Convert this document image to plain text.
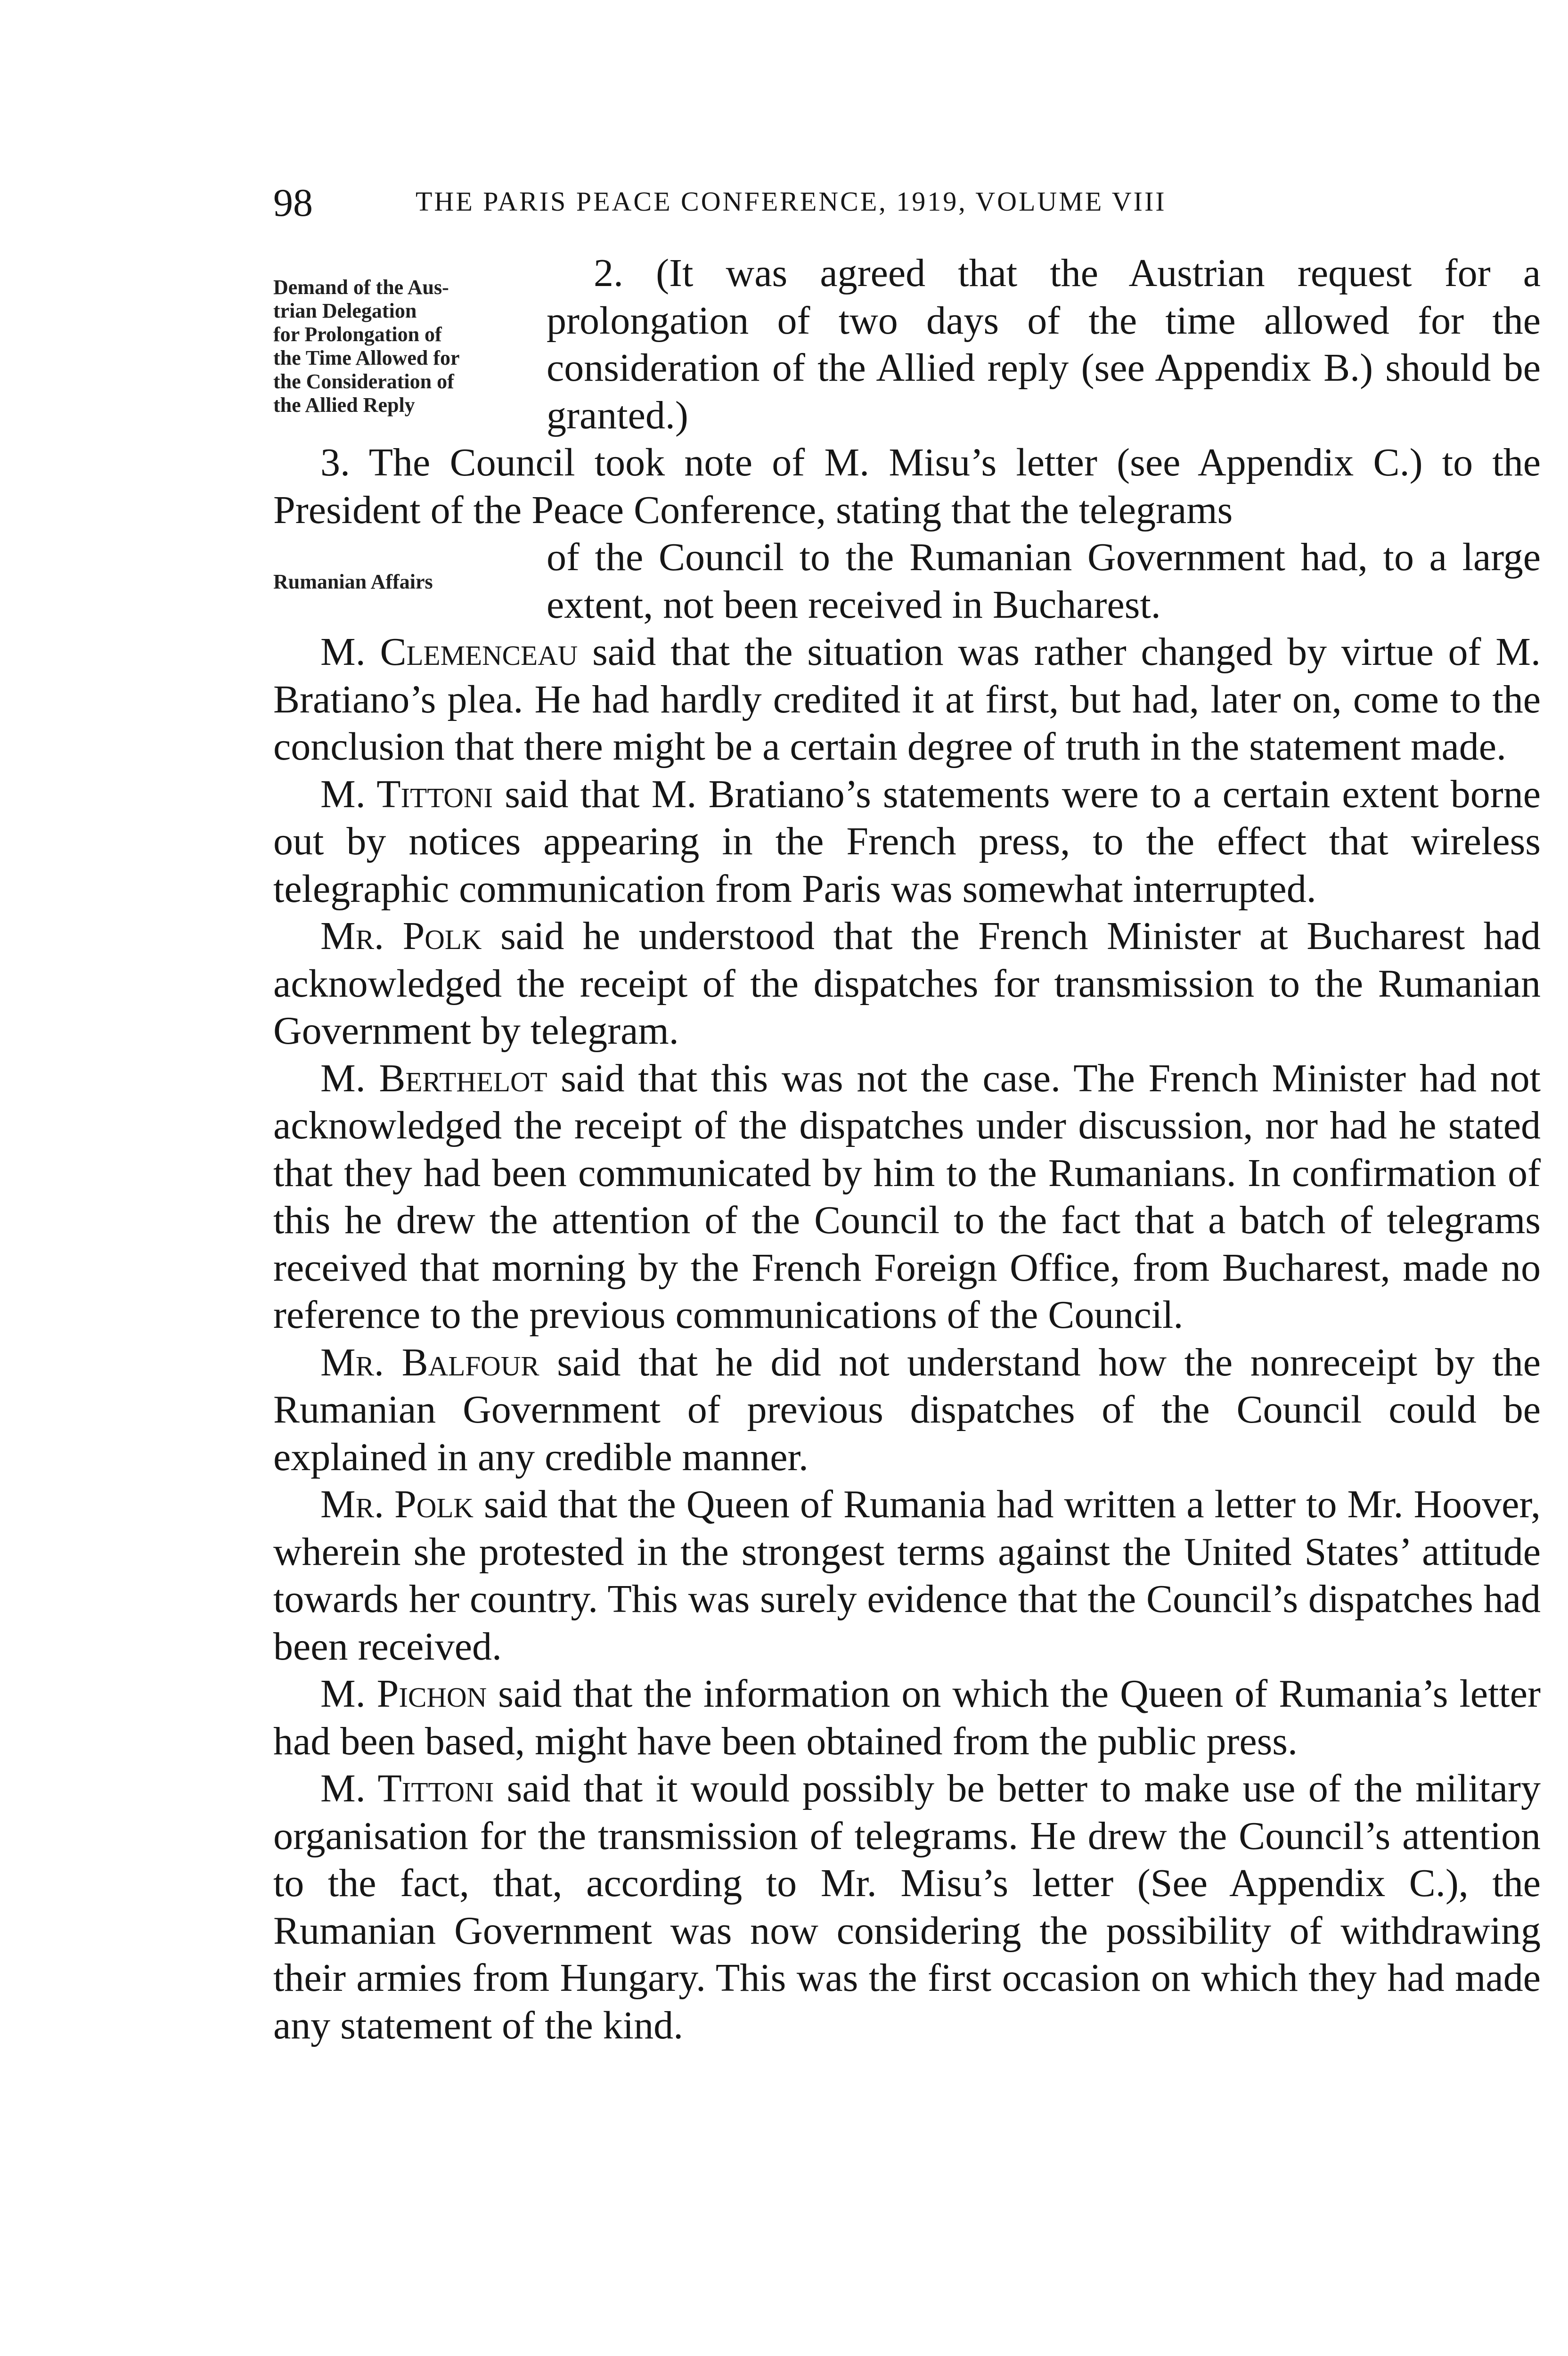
98	THE PARIS PEACE CONFERENCE, 1919, VOLUME VIII
Demand of the Aus-
trian Delegation
for Prolongation of
the Time Allowed for
the Consideration of
the Allied Reply
Rumanian Affairs

2. (It was agreed that the Austrian request for a prolongation of two days of the time allowed for the consideration of the Allied reply (see Appendix B.) should be granted.)

3. The Council took note of M. Misu’s letter (see Appendix C.) to the President of the Peace Conference, stating that the telegrams

of the Council to the Rumanian Government had, to a large extent, not been received in Bucharest.

M. Clemenceau said that the situation was rather changed by virtue of M. Bratiano’s plea. He had hardly credited it at first, but had, later on, come to the conclusion that there might be a certain degree of truth in the statement made.

M. Tittoni said that M. Bratiano’s statements were to a certain extent borne out by notices appearing in the French press, to the effect that wireless telegraphic communication from Paris was somewhat interrupted.

Mr. Polk said he understood that the French Minister at Bucharest had acknowledged the receipt of the dispatches for transmission to the Rumanian Government by telegram.

M. Berthelot said that this was not the case. The French Minister had not acknowledged the receipt of the dispatches under discussion, nor had he stated that they had been communicated by him to the Rumanians. In confirmation of this he drew the attention of the Council to the fact that a batch of telegrams received that morning by the French Foreign Office, from Bucharest, made no reference to the previous communications of the Council.

Mr. Balfour said that he did not understand how the nonreceipt by the Rumanian Government of previous dispatches of the Council could be explained in any credible manner.

Mr. Polk said that the Queen of Rumania had written a letter to Mr. Hoover, wherein she protested in the strongest terms against the United States’ attitude towards her country. This was surely evidence that the Council’s dispatches had been received.

M. Pichon said that the information on which the Queen of Rumania’s letter had been based, might have been obtained from the public press.

M. Tittoni said that it would possibly be better to make use of the military organisation for the transmission of telegrams. He drew the Council’s attention to the fact, that, according to Mr. Misu’s letter (See Appendix C.), the Rumanian Government was now considering the possibility of withdrawing their armies from Hungary. This was the first occasion on which they had made any statement of the kind.
